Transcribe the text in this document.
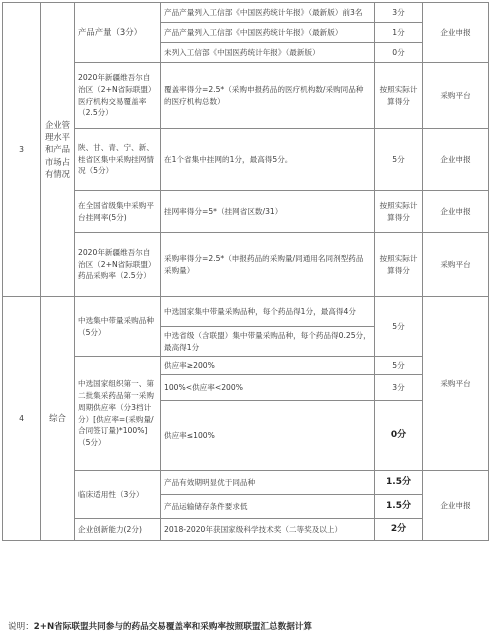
3	企业管理水平和产品市场占有情况	产品产量（3分）	产品产量列入工信部《中国医药统计年报》（最新版）前3名	3分	企业申报
			产品产量列入工信部《中国医药统计年报》（最新版）	1分	
			未列入工信部《中国医药统计年报》（最新版）	0分	
		2020年新疆维吾尔自治区（2+N省际联盟）医疗机构交易覆盖率（2.5分）	覆盖率得分=2.5*（采购申报药品的医疗机构数/采购同品种的医疗机构总数）	按照实际计算得分	采购平台
		陕、甘、青、宁、新、桂省区集中采购挂网情况（5分）	在1个省集中挂网的1分，最高得5分。	5分	企业申报
		在全国省级集中采购平台挂网率(5分)	挂网率得分=5*（挂网省区数/31）	按照实际计算得分	企业申报
		2020年新疆维吾尔自治区（2+N省际联盟）药品采购率（2.5分）	采购率得分=2.5*（申报药品的采购量/同通用名同剂型药品采购量）	按照实际计算得分	采购平台
4	综合	中选集中带量采购品种（5分）	中选国家集中带量采购品种，每个药品得1分，最高得4分	5分	采购平台
			中选省级（含联盟）集中带量采购品种，每个药品得0.25分，最高得1分		
		中选国家组织第一、第二批集采药品第一采购周期供应率（分3档计分）[供应率=(采购量/合同签订量)*100%]（5分）	供应率≥200%	5分	
			100%<供应率<200%	3分	
			供应率≤100%	0分	
		临床适用性（3分）	产品有效期明显优于同品种	1.5分	企业申报
			产品运输储存条件要求低	1.5分	
		企业创新能力(2分)	2018-2020年获国家级科学技术奖（二等奖及以上）	2分	
说明：2+N省际联盟共同参与的药品交易覆盖率和采购率按照联盟汇总数据计算
